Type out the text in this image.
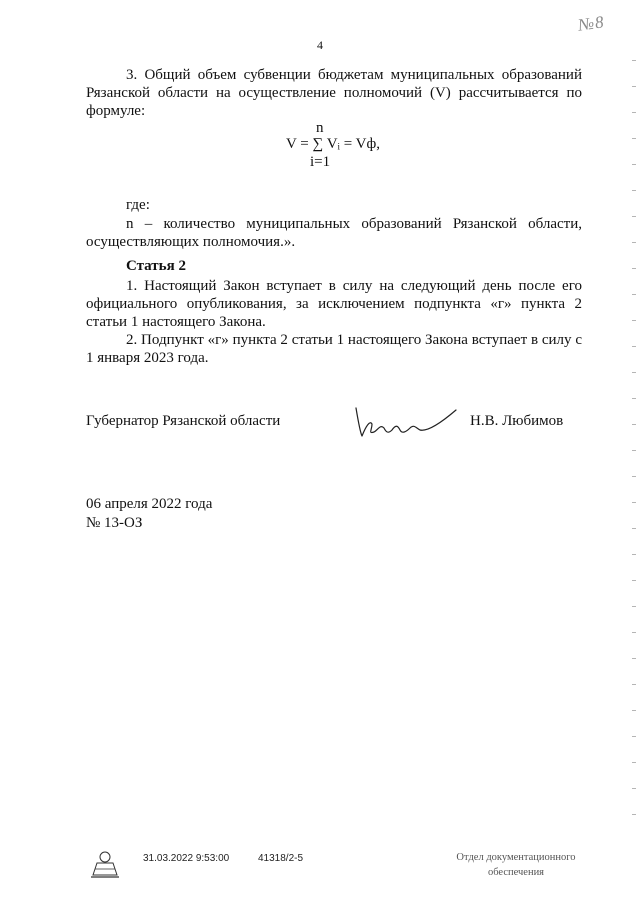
№8
4

3. Общий объем субвенции бюджетам муниципальных образований Рязанской области на осуществление полномочий (V) рассчитывается по формуле:

n
V = ∑ Vᵢ = Vф,
i=1

где:

n – количество муниципальных образований Рязанской области, осуществляющих полномочия.».

Статья 2

1. Настоящий Закон вступает в силу на следующий день после его официального опубликования, за исключением подпункта «г» пункта 2 статьи 1 настоящего Закона.

2. Подпункт «г» пункта 2 статьи 1 настоящего Закона вступает в силу с 1 января 2023 года.

Губернатор Рязанской области	Н.В. Любимов
06 апреля 2022 года
№ 13-ОЗ
31.03.2022 9:53:00	41318/2-5	Отдел документационного
обеспечения
